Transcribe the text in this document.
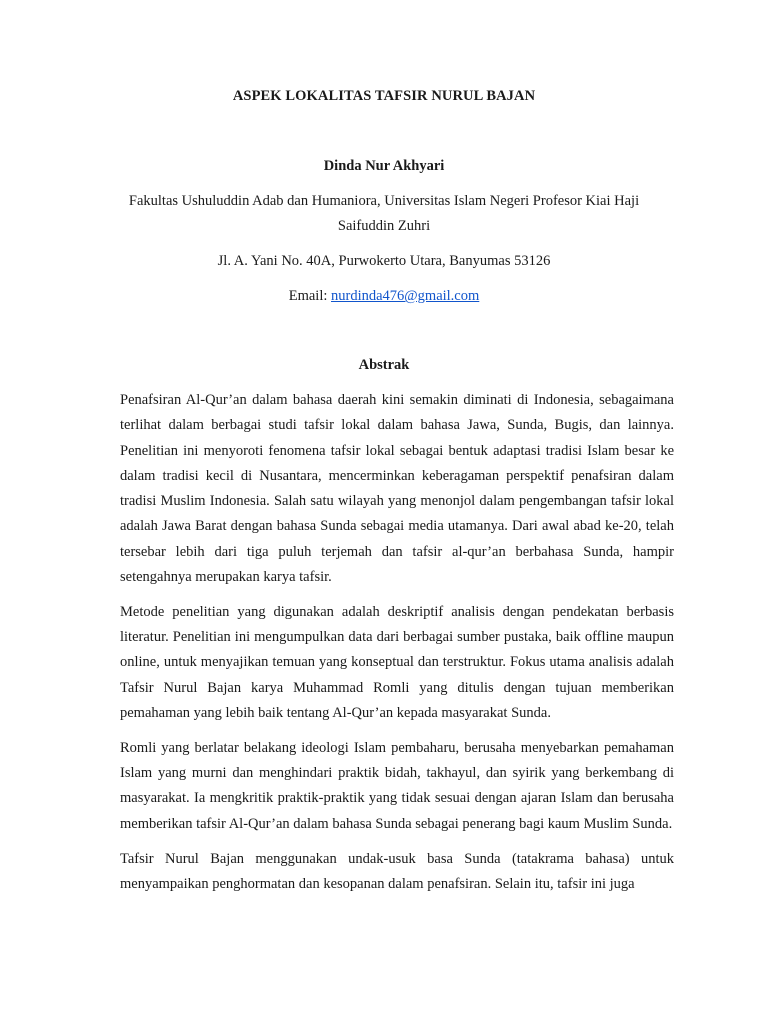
ASPEK LOKALITAS TAFSIR NURUL BAJAN

Dinda Nur Akhyari

Fakultas Ushuluddin Adab dan Humaniora, Universitas Islam Negeri Profesor Kiai Haji Saifuddin Zuhri

Jl. A. Yani No. 40A, Purwokerto Utara, Banyumas 53126

Email: nurdinda476@gmail.com

Abstrak

Penafsiran Al-Qur’an dalam bahasa daerah kini semakin diminati di Indonesia, sebagaimana terlihat dalam berbagai studi tafsir lokal dalam bahasa Jawa, Sunda, Bugis, dan lainnya. Penelitian ini menyoroti fenomena tafsir lokal sebagai bentuk adaptasi tradisi Islam besar ke dalam tradisi kecil di Nusantara, mencerminkan keberagaman perspektif penafsiran dalam tradisi Muslim Indonesia. Salah satu wilayah yang menonjol dalam pengembangan tafsir lokal adalah Jawa Barat dengan bahasa Sunda sebagai media utamanya. Dari awal abad ke-20, telah tersebar lebih dari tiga puluh terjemah dan tafsir al-qur’an berbahasa Sunda, hampir setengahnya merupakan karya tafsir.

Metode penelitian yang digunakan adalah deskriptif analisis dengan pendekatan berbasis literatur. Penelitian ini mengumpulkan data dari berbagai sumber pustaka, baik offline maupun online, untuk menyajikan temuan yang konseptual dan terstruktur. Fokus utama analisis adalah Tafsir Nurul Bajan karya Muhammad Romli yang ditulis dengan tujuan memberikan pemahaman yang lebih baik tentang Al-Qur’an kepada masyarakat Sunda.

Romli yang berlatar belakang ideologi Islam pembaharu, berusaha menyebarkan pemahaman Islam yang murni dan menghindari praktik bidah, takhayul, dan syirik yang berkembang di masyarakat. Ia mengkritik praktik-praktik yang tidak sesuai dengan ajaran Islam dan berusaha memberikan tafsir Al-Qur’an dalam bahasa Sunda sebagai penerang bagi kaum Muslim Sunda.

Tafsir Nurul Bajan menggunakan undak-usuk basa Sunda (tatakrama bahasa) untuk menyampaikan penghormatan dan kesopanan dalam penafsiran. Selain itu, tafsir ini juga
